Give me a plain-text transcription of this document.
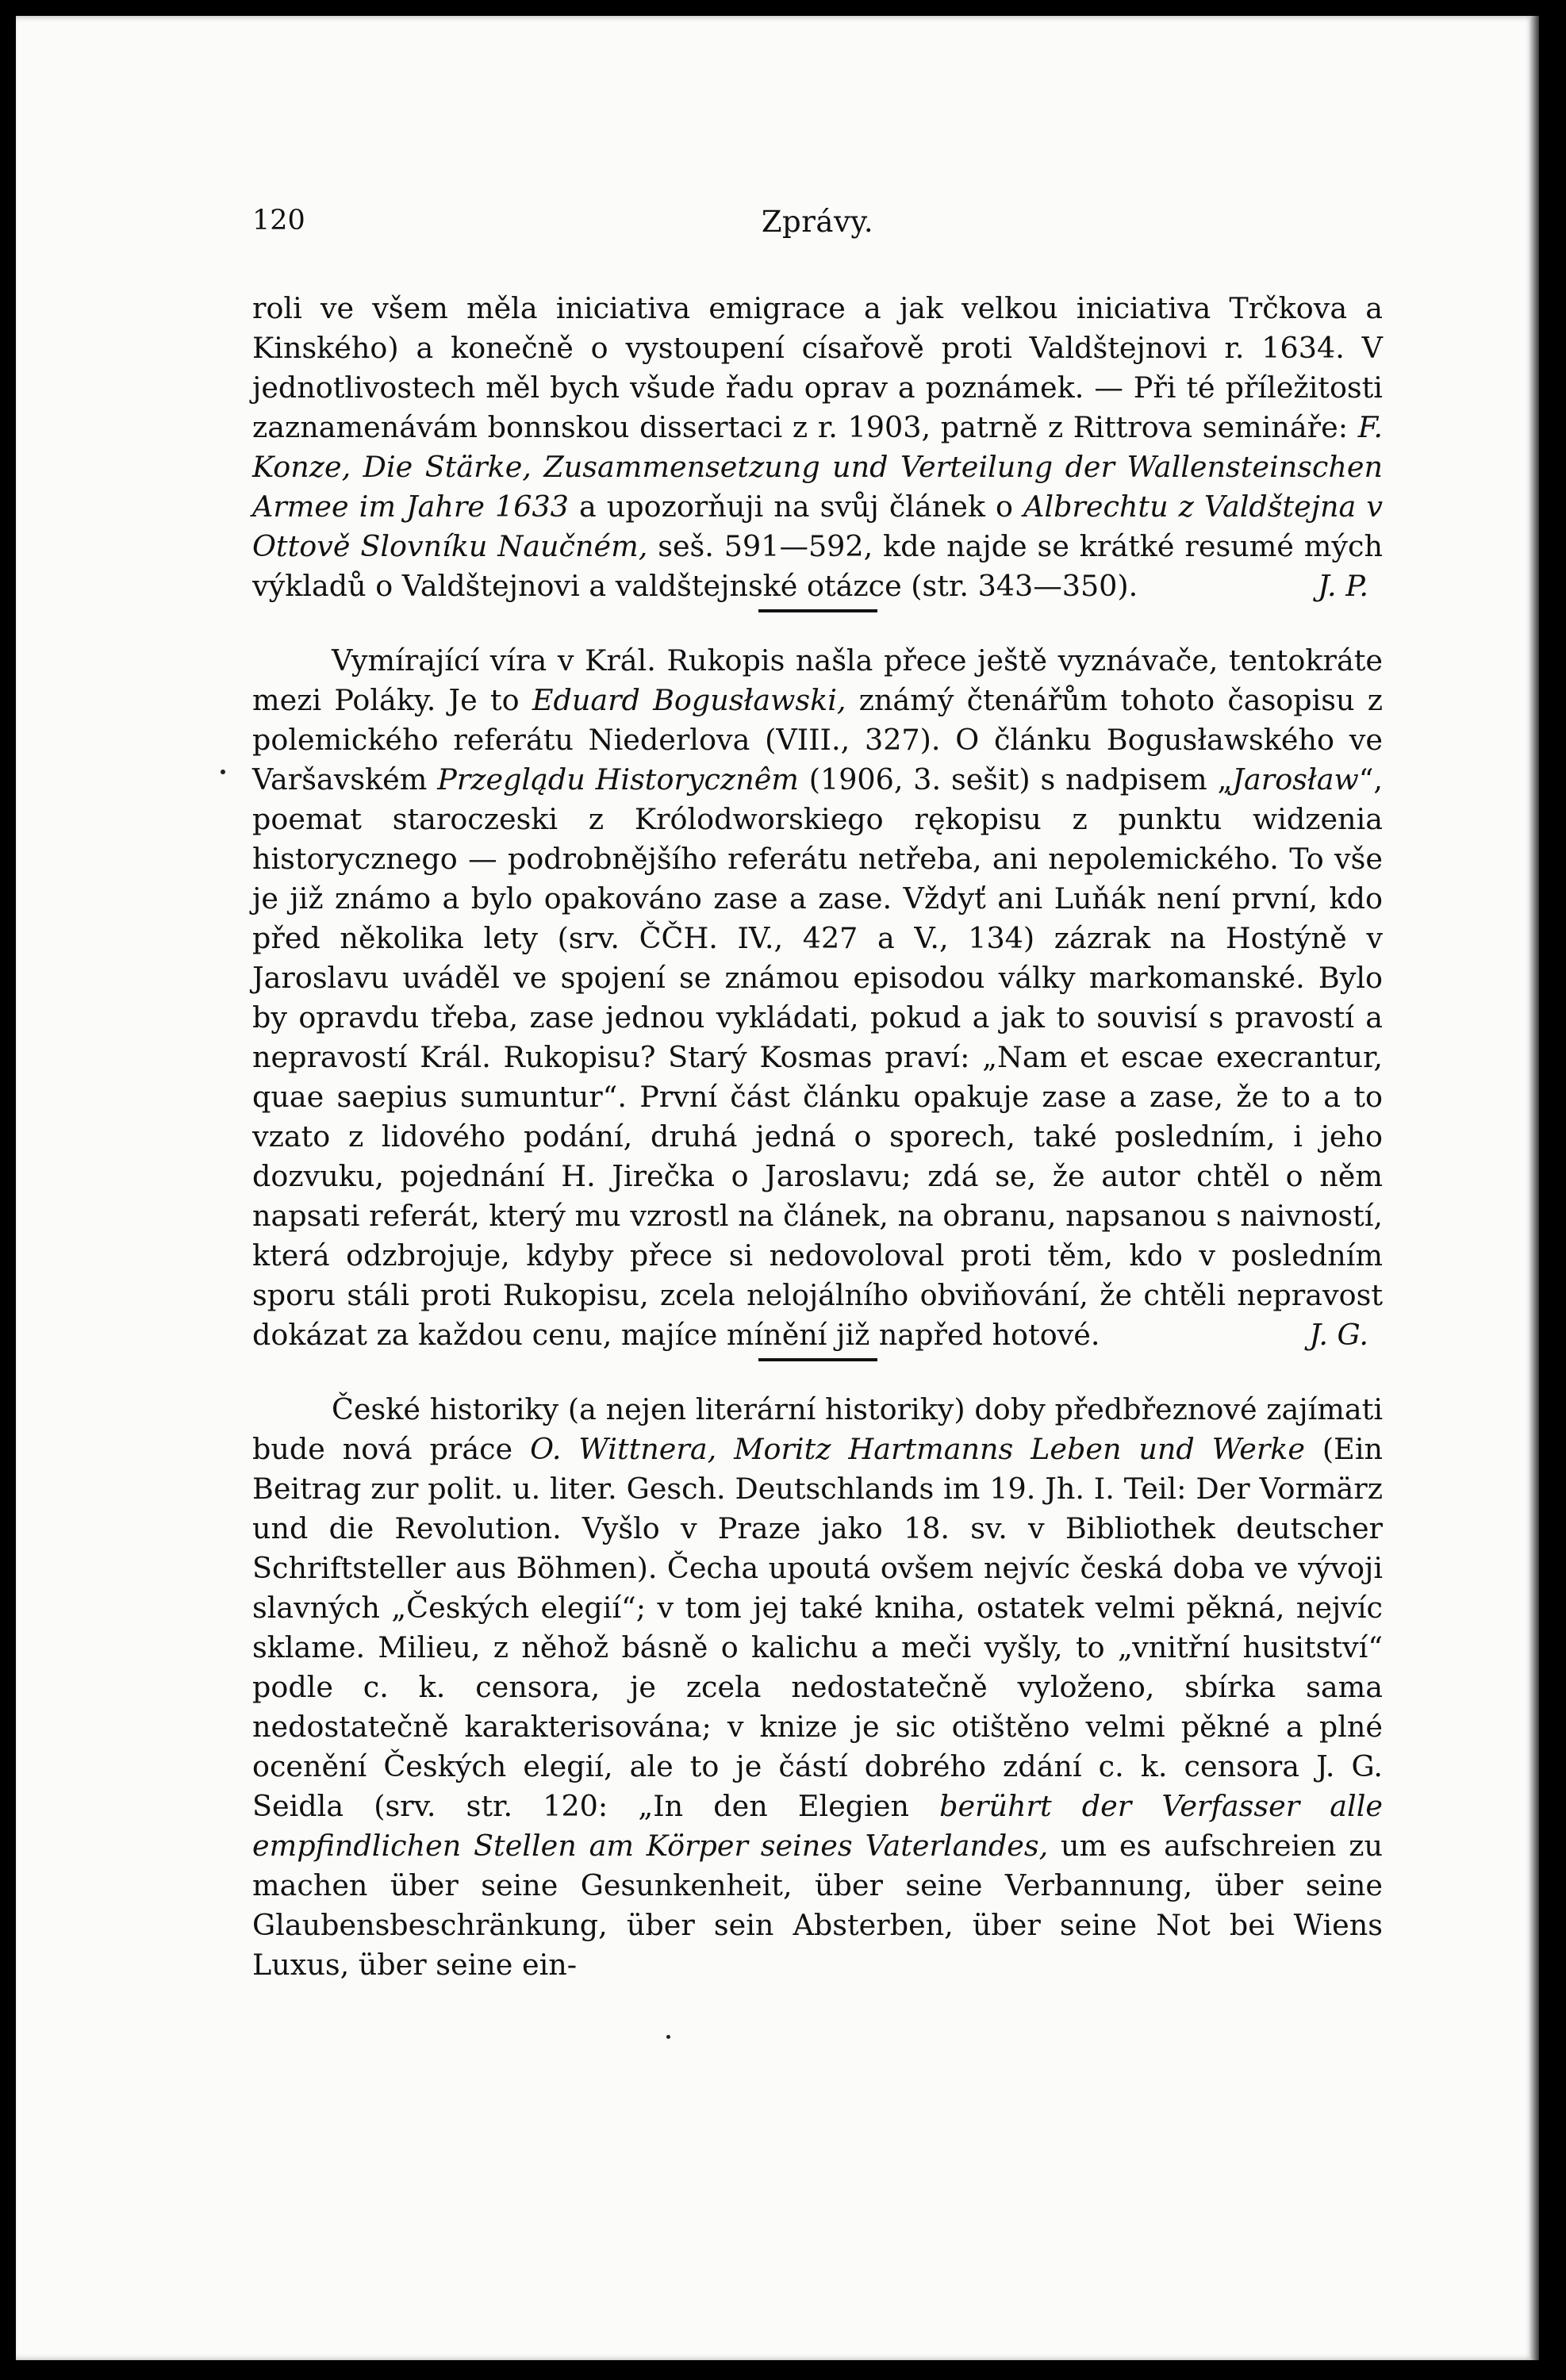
120	Zprávy.

roli ve všem měla iniciativa emigrace a jak velkou iniciativa Trčkova a Kinského) a konečně o vystoupení císařově proti Valdštejnovi r. 1634. V jednotlivostech měl bych všude řadu oprav a poznámek. — Při té příležitosti zaznamenávám bonnskou dissertaci z r. 1903, patrně z Rittrova semináře: F. Konze, Die Stärke, Zusammensetzung und Verteilung der Wallensteinschen Armee im Jahre 1633 a upozorňuji na svůj článek o Albrechtu z Valdštejna v Ottově Slovníku Naučném, seš. 591—592, kde najde se krátké resumé mých výkladů o Valdštejnovi a valdštejnské otázce (str. 343—350).	J. P.

Vymírající víra v Král. Rukopis našla přece ještě vyznávače, tentokráte mezi Poláky. Je to Eduard Bogusławski, známý čtenářům tohoto časopisu z polemického referátu Niederlova (VIII., 327). O článku Bogusławského ve Varšavském Przeglądu Historycznêm (1906, 3. sešit) s nadpisem „Jarosław“, poemat staroczeski z Królodworskiego rękopisu z punktu widzenia historycznego — podrobnějšího referátu netřeba, ani nepolemického. To vše je již známo a bylo opakováno zase a zase. Vždyť ani Luňák není první, kdo před několika lety (srv. ČČH. IV., 427 a V., 134) zázrak na Hostýně v Jaroslavu uváděl ve spojení se známou episodou války markomanské. Bylo by opravdu třeba, zase jednou vykládati, pokud a jak to souvisí s pravostí a nepravostí Král. Rukopisu? Starý Kosmas praví: „Nam et escae execrantur, quae saepius sumuntur“. První část článku opakuje zase a zase, že to a to vzato z lidového podání, druhá jedná o sporech, také posledním, i jeho dozvuku, pojednání H. Jirečka o Jaroslavu; zdá se, že autor chtěl o něm napsati referát, který mu vzrostl na článek, na obranu, napsanou s naivností, která odzbrojuje, kdyby přece si nedovoloval proti těm, kdo v posledním sporu stáli proti Rukopisu, zcela nelojálního obviňování, že chtěli nepravost dokázat za každou cenu, majíce mínění již napřed hotové.	J. G.

České historiky (a nejen literární historiky) doby předbřeznové zajímati bude nová práce O. Wittnera, Moritz Hartmanns Leben und Werke (Ein Beitrag zur polit. u. liter. Gesch. Deutschlands im 19. Jh. I. Teil: Der Vormärz und die Revolution. Vyšlo v Praze jako 18. sv. v Bibliothek deutscher Schriftsteller aus Böhmen). Čecha upoutá ovšem nejvíc česká doba ve vývoji slavných „Českých elegií“; v tom jej také kniha, ostatek velmi pěkná, nejvíc sklame. Milieu, z něhož básně o kalichu a meči vyšly, to „vnitřní husitství“ podle c. k. censora, je zcela nedostatečně vyloženo, sbírka sama nedostatečně karakterisována; v knize je sic otištěno velmi pěkné a plné ocenění Českých elegií, ale to je částí dobrého zdání c. k. censora J. G. Seidla (srv. str. 120: „In den Elegien berührt der Verfasser alle empfindlichen Stellen am Körper seines Vaterlandes, um es aufschreien zu machen über seine Gesunkenheit, über seine Verbannung, über seine Glaubensbeschränkung, über sein Absterben, über seine Not bei Wiens Luxus, über seine ein-
